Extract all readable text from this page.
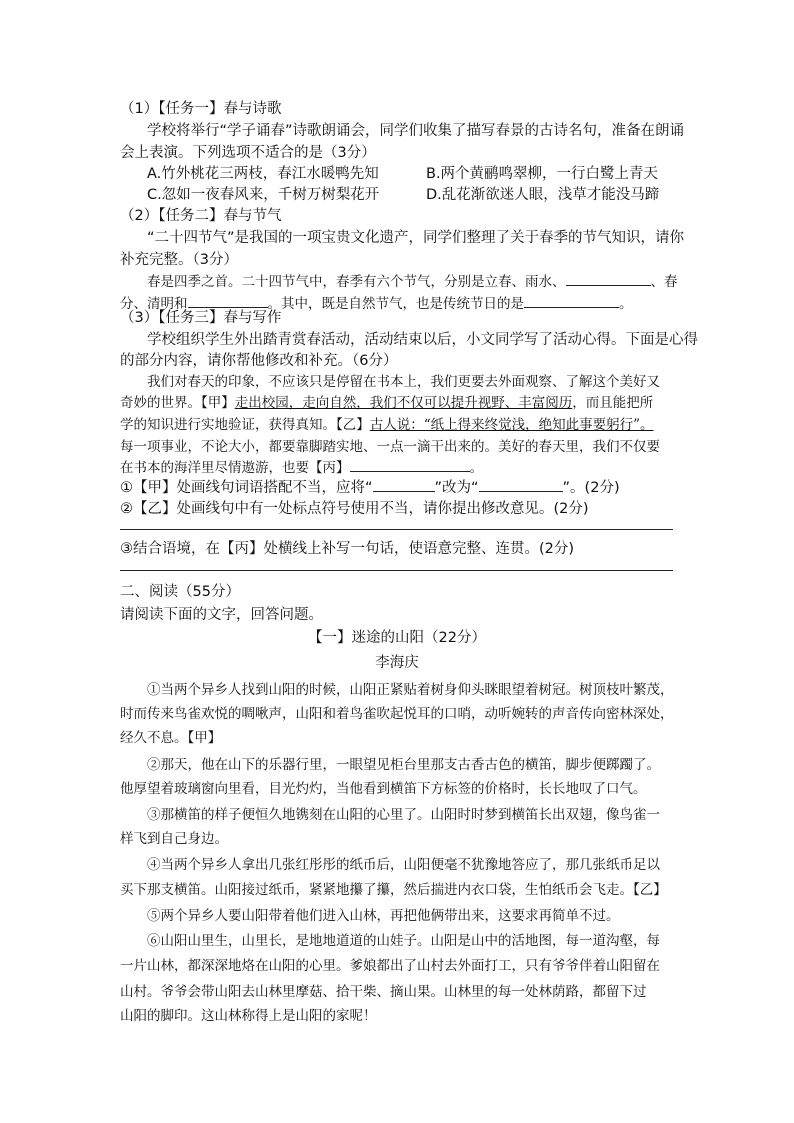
（1）【任务一】春与诗歌
学校将举行“学子诵春”诗歌朗诵会，同学们收集了描写春景的古诗名句，准备在朗诵
会上表演。下列选项不适合的是（3分）
A.竹外桃花三两枝，春江水暖鸭先知	B.两个黄鹂鸣翠柳，一行白鹭上青天
C.忽如一夜春风来，千树万树梨花开	D.乱花渐欲迷人眼，浅草才能没马蹄
（2）【任务二】春与节气
“二十四节气”是我国的一项宝贵文化遗产，同学们整理了关于春季的节气知识，请你
补充完整。（3分）
春是四季之首。二十四节气中，春季有六个节气，分别是立春、雨水、	、春
分、清明和	。其中，既是自然节气，也是传统节日的是	。
（3）【任务三】春与写作
学校组织学生外出踏青赏春活动，活动结束以后，小文同学写了活动心得。下面是心得
的部分内容，请你帮他修改和补充。（6分）
我们对春天的印象，不应该只是停留在书本上，我们更要去外面观察、了解这个美好又
奇妙的世界。【甲】走出校园，走向自然，我们不仅可以提升视野、丰富阅历，而且能把所
学的知识进行实地验证，获得真知。【乙】古人说：“纸上得来终觉浅，绝知此事要躬行”。
每一项事业，不论大小，都要靠脚踏实地、一点一滴干出来的。美好的春天里，我们不仅要
在书本的海洋里尽情遨游，也要【丙】	。
①【甲】处画线句词语搭配不当，应将“	”改为“	”。(2分)
②【乙】处画线句中有一处标点符号使用不当，请你提出修改意见。(2分)
③结合语境，在【丙】处横线上补写一句话，使语意完整、连贯。(2分)
二、阅读（55分）
请阅读下面的文字，回答问题。
【一】迷途的山阳（22分）
李海庆
①当两个异乡人找到山阳的时候，山阳正紧贴着树身仰头眯眼望着树冠。树顶枝叶繁茂，
时而传来鸟雀欢悦的啁啾声，山阳和着鸟雀吹起悦耳的口哨，动听婉转的声音传向密林深处，
经久不息。【甲】
②那天，他在山下的乐器行里，一眼望见柜台里那支古香古色的横笛，脚步便踯躅了。
他厚望着玻璃窗向里看，目光灼灼，当他看到横笛下方标签的价格时，长长地叹了口气。
③那横笛的样子便恒久地镌刻在山阳的心里了。山阳时时梦到横笛长出双翅，像鸟雀一
样飞到自己身边。
④当两个异乡人拿出几张红彤彤的纸币后，山阳便毫不犹豫地答应了，那几张纸币足以
买下那支横笛。山阳接过纸币，紧紧地攥了攥，然后揣进内衣口袋，生怕纸币会飞走。【乙】
⑤两个异乡人要山阳带着他们进入山林，再把他俩带出来，这要求再简单不过。
⑥山阳山里生，山里长，是地地道道的山娃子。山阳是山中的活地图，每一道沟壑，每
一片山林，都深深地烙在山阳的心里。爹娘都出了山村去外面打工，只有爷爷伴着山阳留在
山村。爷爷会带山阳去山林里摩菇、拾干柴、摘山果。山林里的每一处林荫路，都留下过
山阳的脚印。这山林称得上是山阳的家呢！
